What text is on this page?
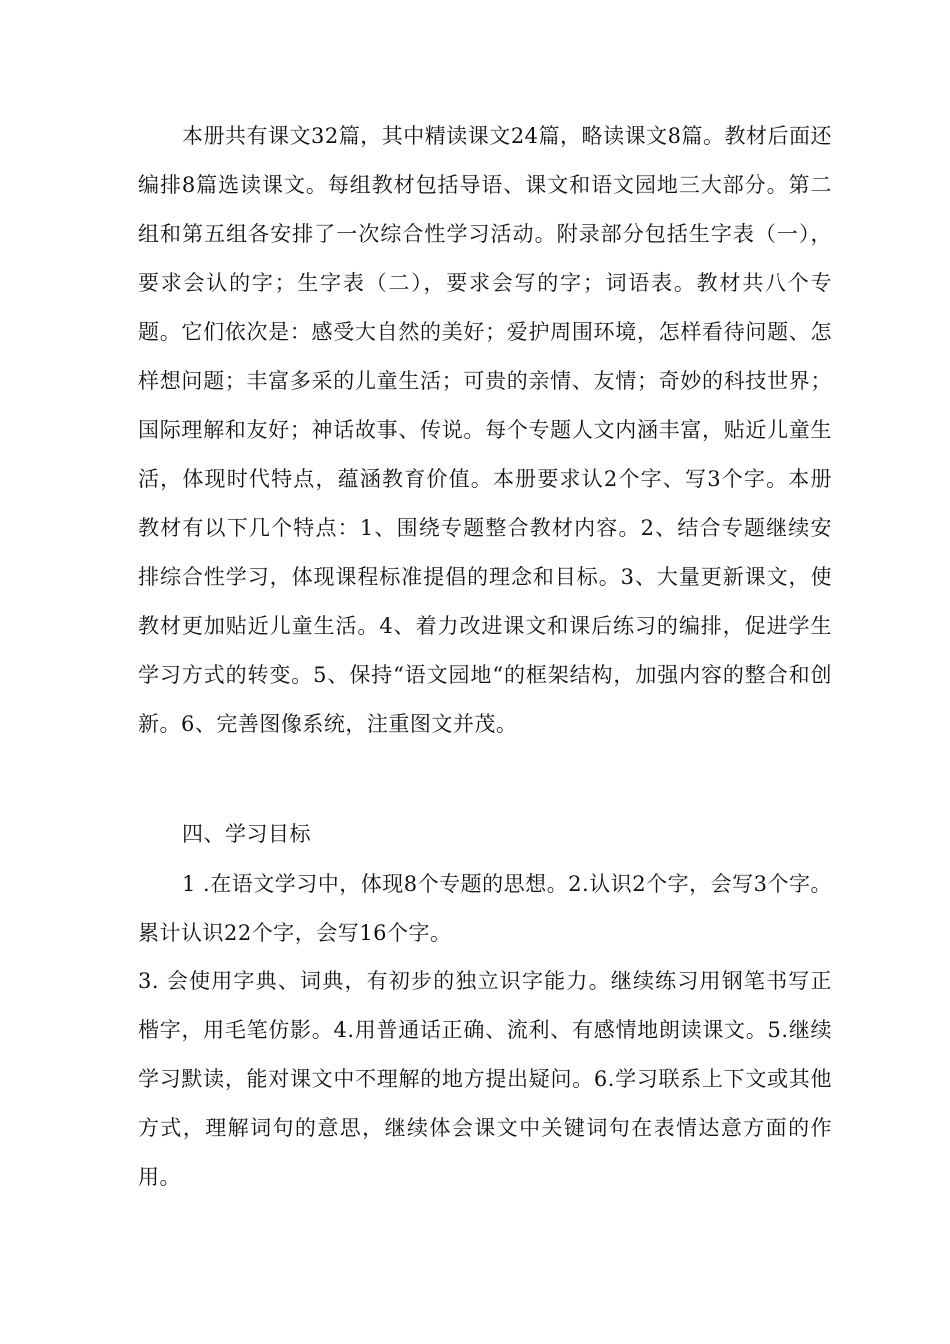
本册共有课文32篇，其中精读课文24篇，略读课文8篇。教材后面还编排8篇选读课文。每组教材包括导语、课文和语文园地三大部分。第二组和第五组各安排了一次综合性学习活动。附录部分包括生字表（一），要求会认的字；生字表（二），要求会写的字；词语表。教材共八个专题。它们依次是：感受大自然的美好；爱护周围环境，怎样看待问题、怎样想问题；丰富多采的儿童生活；可贵的亲情、友情；奇妙的科技世界；国际理解和友好；神话故事、传说。每个专题人文内涵丰富，贴近儿童生活，体现时代特点，蕴涵教育价值。本册要求认2个字、写3个字。本册教材有以下几个特点：1、围绕专题整合教材内容。2、结合专题继续安排综合性学习，体现课程标准提倡的理念和目标。3、大量更新课文，使教材更加贴近儿童生活。4、着力改进课文和课后练习的编排，促进学生学习方式的转变。5、保持“语文园地“的框架结构，加强内容的整合和创新。6、完善图像系统，注重图文并茂。

四、学习目标

1 .在语文学习中，体现8个专题的思想。2.认识2个字，会写3个字。累计认识22个字，会写16个字。

3. 会使用字典、词典，有初步的独立识字能力。继续练习用钢笔书写正楷字，用毛笔仿影。4.用普通话正确、流利、有感情地朗读课文。5.继续学习默读，能对课文中不理解的地方提出疑问。6.学习联系上下文或其他方式，理解词句的意思，继续体会课文中关键词句在表情达意方面的作用。
